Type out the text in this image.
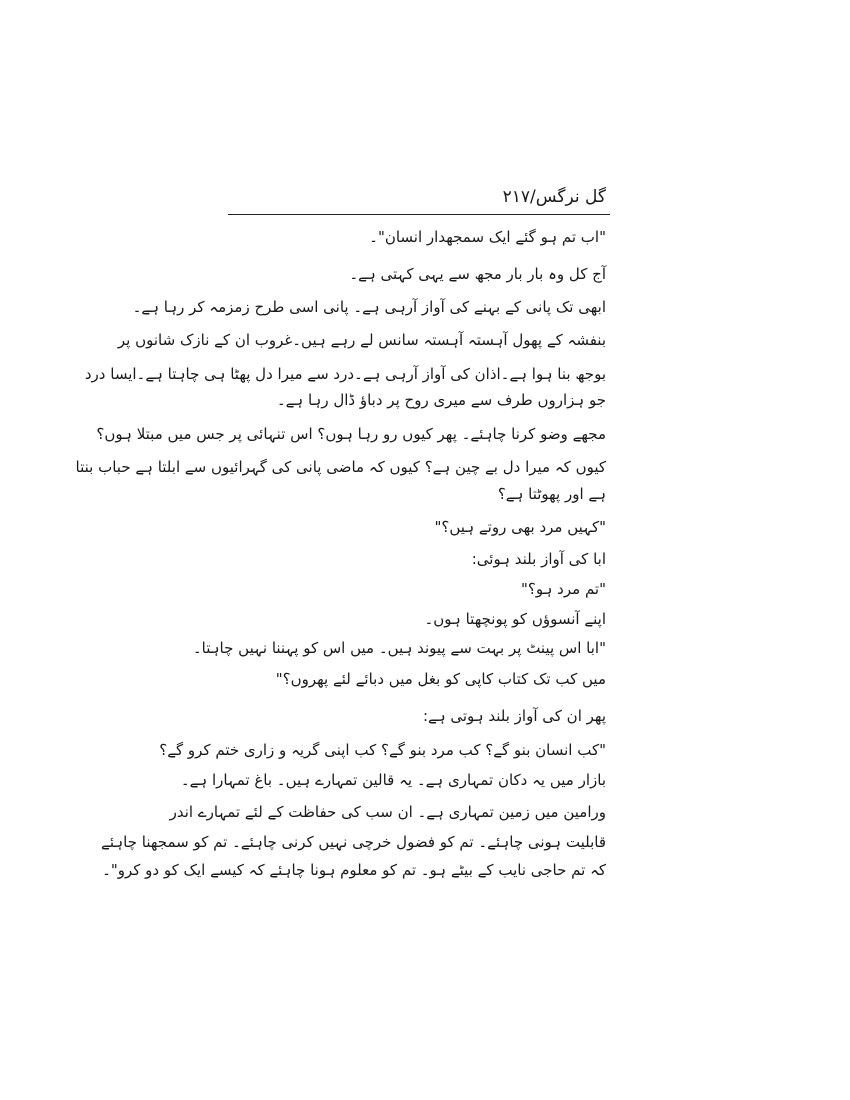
گل نرگس/۲۱۷
"اب تم ہو گئے ایک سمجھدار انسان"۔
آج کل وہ بار بار مجھ سے یہی کہتی ہے۔
ابھی تک پانی کے بہنے کی آواز آرہی ہے۔ پانی اسی طرح زمزمہ کر رہا ہے۔
بنفشہ کے پھول آہستہ آہستہ سانس لے رہے ہیں۔غروب ان کے نازک شانوں پر
بوجھ بنا ہوا ہے۔اذان کی آواز آرہی ہے۔درد سے میرا دل پھٹا ہی چاہتا ہے۔ایسا درد
جو ہزاروں طرف سے میری روح پر دباؤ ڈال رہا ہے۔
مجھے وضو کرنا چاہئے۔ پھر کیوں رو رہا ہوں؟ اس تنہائی پر جس میں مبتلا ہوں؟
کیوں کہ میرا دل بے چین ہے؟ کیوں کہ ماضی پانی کی گہرائیوں سے ابلتا ہے حباب بنتا
ہے اور پھوٹتا ہے؟
"کہیں مرد بھی روتے ہیں؟"
ابا کی آواز بلند ہوئی:
"تم مرد ہو؟"
اپنے آنسوؤں کو پونچھتا ہوں۔
"ابا اس پینٹ پر بہت سے پیوند ہیں۔ میں اس کو پہننا نہیں چاہتا۔
میں کب تک کتاب کاپی کو بغل میں دبائے لئے پھروں؟"
پھر ان کی آواز بلند ہوتی ہے:
"کب انسان بنو گے؟ کب مرد بنو گے؟ کب اپنی گریہ و زاری ختم کرو گے؟
بازار میں یہ دکان تمہاری ہے۔ یہ قالین تمہارے ہیں۔ باغ تمہارا ہے۔
ورامین میں زمین تمہاری ہے۔ ان سب کی حفاظت کے لئے تمہارے اندر
قابلیت ہونی چاہئے۔ تم کو فضول خرچی نہیں کرنی چاہئے۔ تم کو سمجھنا چاہئے
کہ تم حاجی نایب کے بیٹے ہو۔ تم کو معلوم ہونا چاہئے کہ کیسے ایک کو دو کرو"۔
